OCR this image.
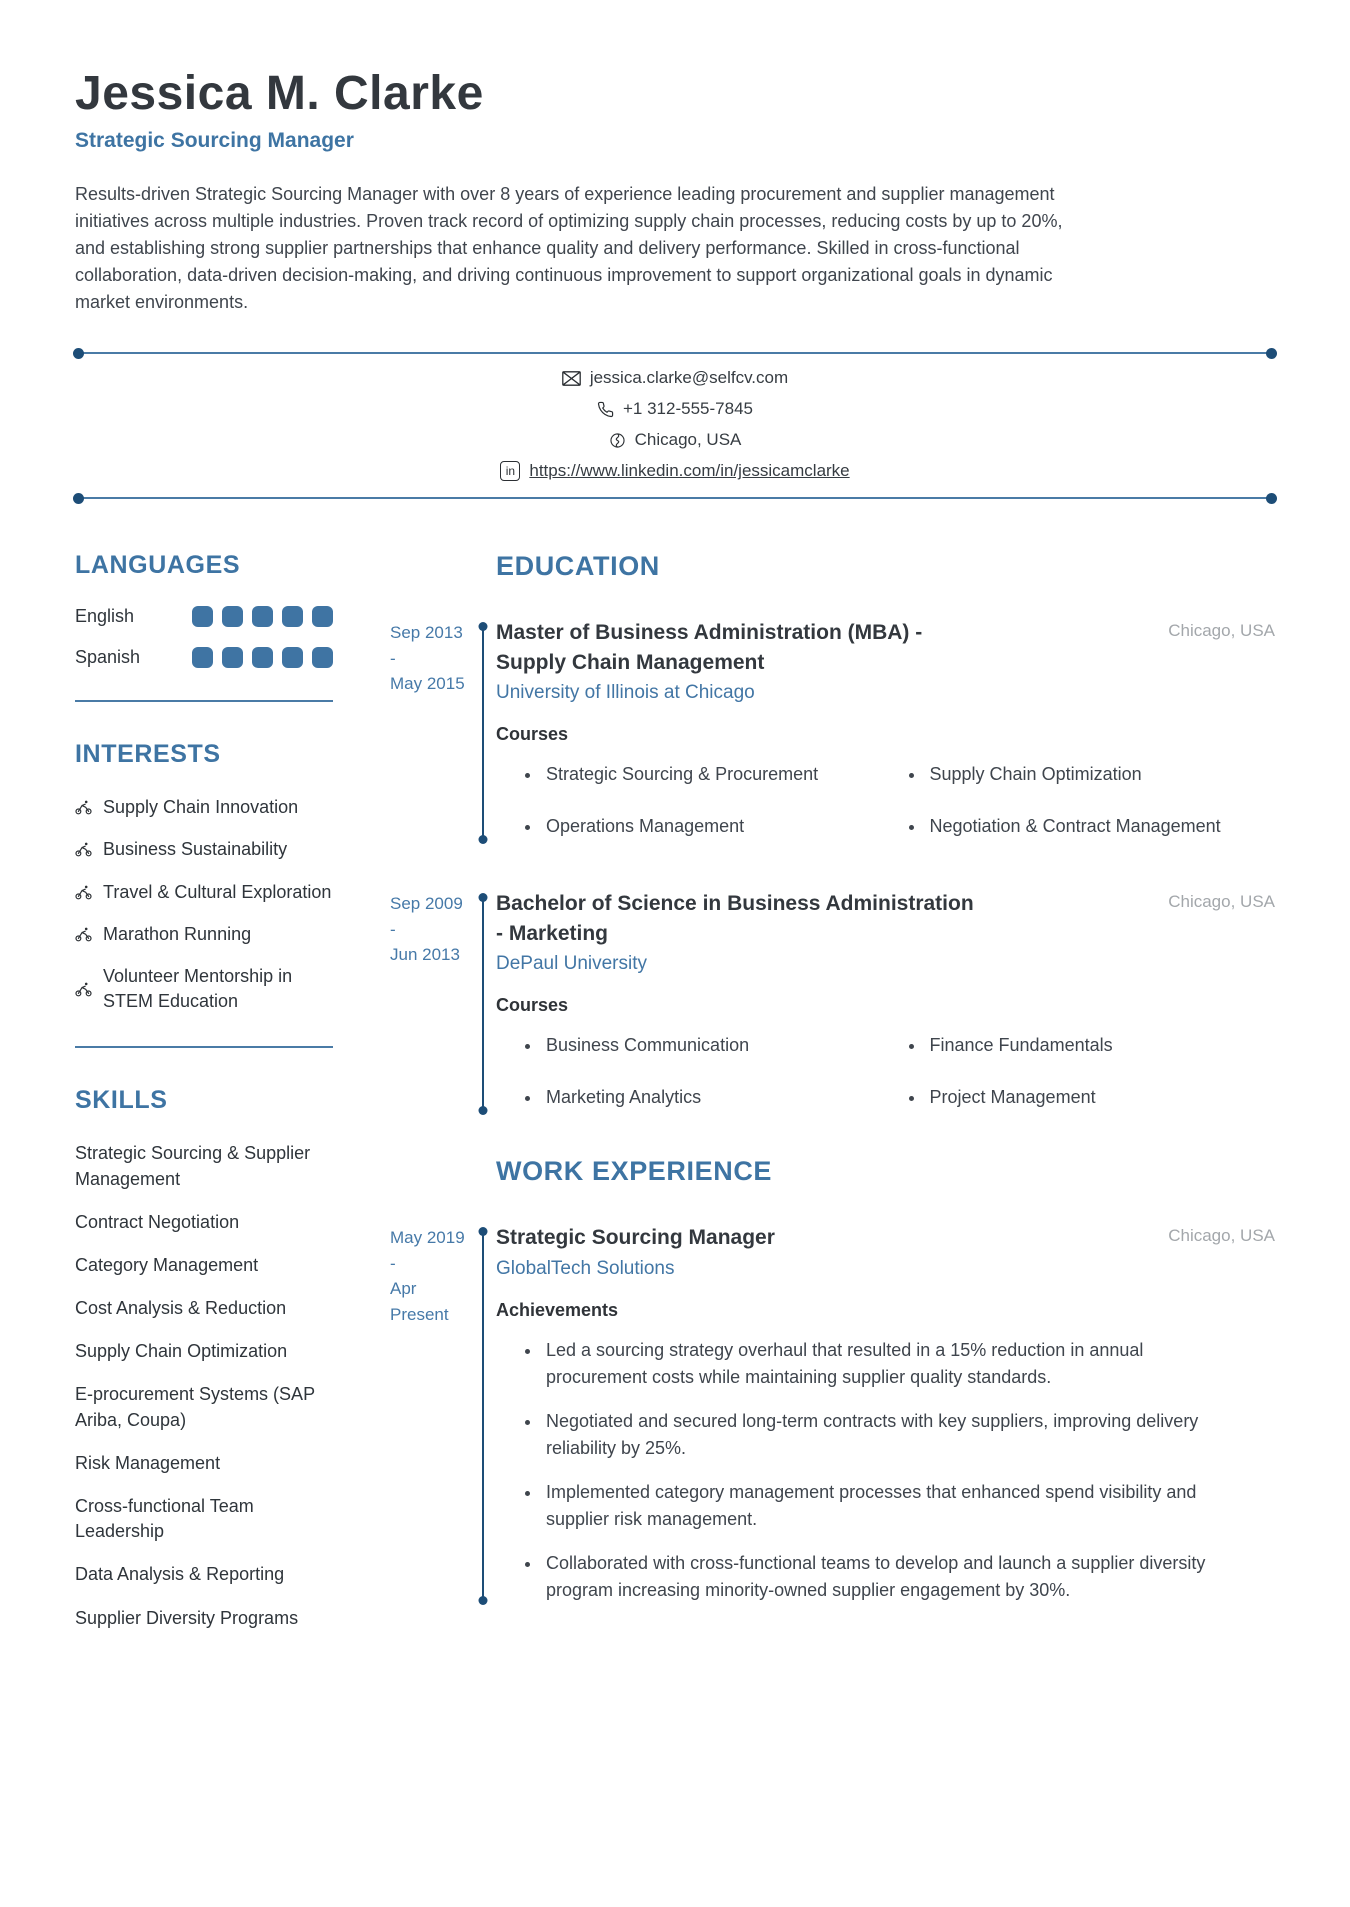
Jessica M. Clarke
Strategic Sourcing Manager

Results-driven Strategic Sourcing Manager with over 8 years of experience leading procurement and supplier management initiatives across multiple industries. Proven track record of optimizing supply chain processes, reducing costs by up to 20%, and establishing strong supplier partnerships that enhance quality and delivery performance. Skilled in cross-functional collaboration, data-driven decision-making, and driving continuous improvement to support organizational goals in dynamic market environments.

jessica.clarke@selfcv.com
+1 312-555-7845
Chicago, USA
in https://www.linkedin.com/in/jessicamclarke
LANGUAGES
English
Spanish
INTERESTS
Supply Chain Innovation
Business Sustainability
Travel & Cultural Exploration
Marathon Running
Volunteer Mentorship in STEM Education
SKILLS
Strategic Sourcing & Supplier Management
Contract Negotiation
Category Management
Cost Analysis & Reduction
Supply Chain Optimization
E-procurement Systems (SAP Ariba, Coupa)
Risk Management
Cross-functional Team Leadership
Data Analysis & Reporting
Supplier Diversity Programs
EDUCATION
Sep 2013
-
May 2015
Master of Business Administration (MBA) - Supply Chain Management
Chicago, USA
University of Illinois at Chicago
Courses
• Strategic Sourcing & Procurement	• Supply Chain Optimization
• Operations Management	• Negotiation & Contract Management
Sep 2009
-
Jun 2013
Bachelor of Science in Business Administration - Marketing
Chicago, USA
DePaul University
Courses
• Business Communication	• Finance Fundamentals
• Marketing Analytics	• Project Management
WORK EXPERIENCE
May 2019
-
Apr
Present
Strategic Sourcing Manager	Chicago, USA
GlobalTech Solutions
Achievements
• Led a sourcing strategy overhaul that resulted in a 15% reduction in annual procurement costs while maintaining supplier quality standards.
• Negotiated and secured long-term contracts with key suppliers, improving delivery reliability by 25%.
• Implemented category management processes that enhanced spend visibility and supplier risk management.
• Collaborated with cross-functional teams to develop and launch a supplier diversity program increasing minority-owned supplier engagement by 30%.
